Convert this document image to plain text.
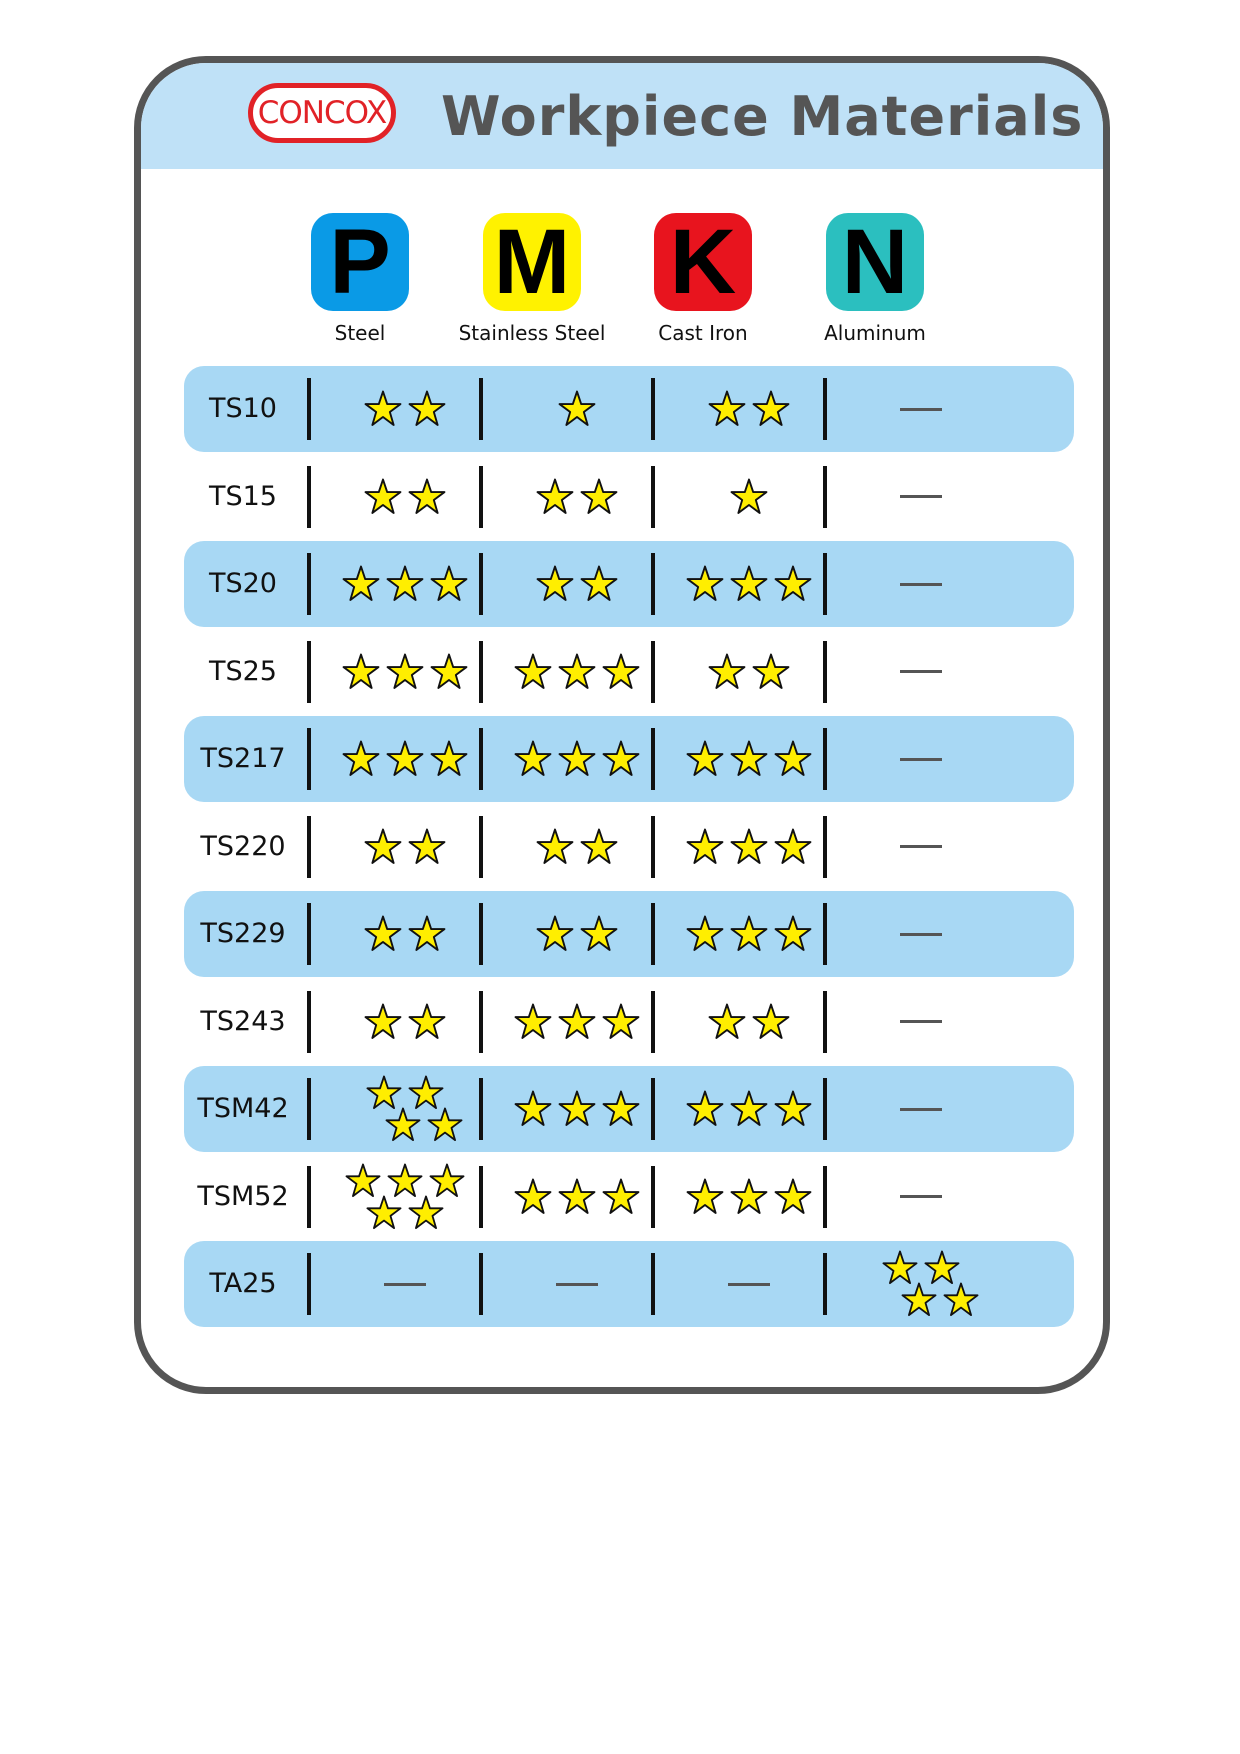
CONCOX Workpiece Materials
P
Steel
M
Stainless Steel
K
Cast Iron
N
Aluminum
TS10
TS15
TS20
TS25
TS217
TS220
TS229
TS243
TSM42
TSM52
TA25
